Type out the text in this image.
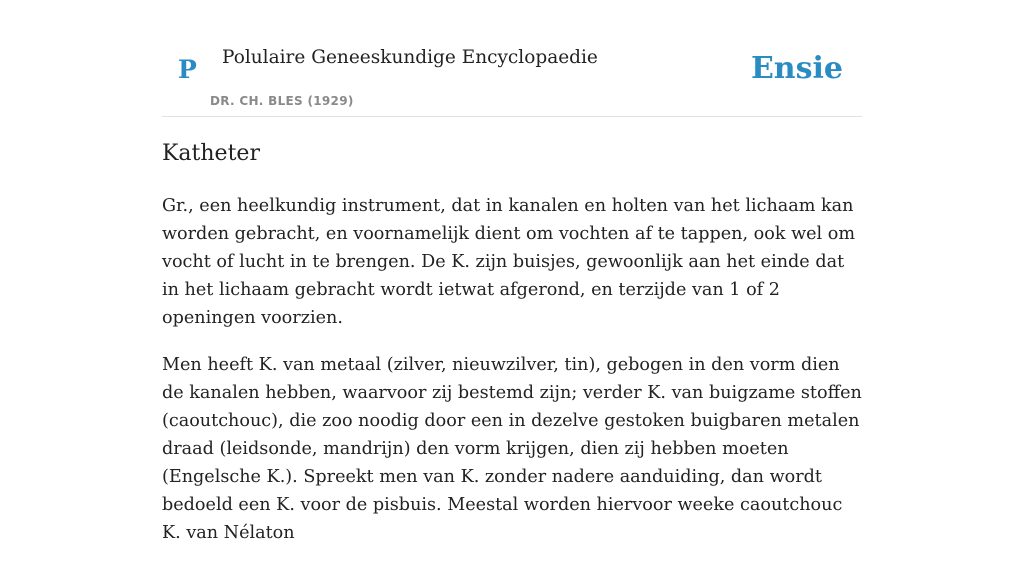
P Polulaire Geneeskundige Encyclopaedie
DR. CH. BLES (1929)
Ensie
Katheter

Gr., een heelkundig instrument, dat in kanalen en holten van het lichaam kan worden gebracht, en voornamelijk dient om vochten af te tappen, ook wel om vocht of lucht in te brengen. De K. zijn buisjes, gewoonlijk aan het einde dat in het lichaam gebracht wordt ietwat afgerond, en terzijde van 1 of 2 openingen voorzien.

Men heeft K. van metaal (zilver, nieuwzilver, tin), gebogen in den vorm dien de kanalen hebben, waarvoor zij bestemd zijn; verder K. van buigzame stoffen (caoutchouc), die zoo noodig door een in dezelve gestoken buigbaren metalen draad (leidsonde, mandrijn) den vorm krijgen, dien zij hebben moeten (Engelsche K.). Spreekt men van K. zonder nadere aanduiding, dan wordt bedoeld een K. voor de pisbuis. Meestal worden hiervoor weeke caoutchouc K. van Nélaton
